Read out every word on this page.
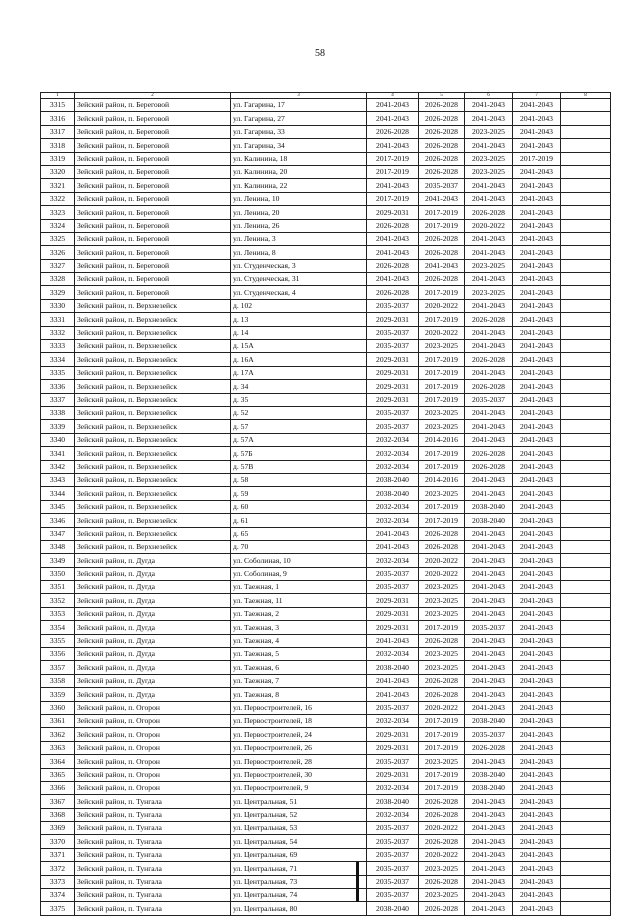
58
1	2	3	4	5	6	7	8
3315	Зейский район, п. Береговой	ул. Гагарина, 17	2041-2043	2026-2028	2041-2043	2041-2043	
3316	Зейский район, п. Береговой	ул. Гагарина, 27	2041-2043	2026-2028	2041-2043	2041-2043	
3317	Зейский район, п. Береговой	ул. Гагарина, 33	2026-2028	2026-2028	2023-2025	2041-2043	
3318	Зейский район, п. Береговой	ул. Гагарина, 34	2041-2043	2026-2028	2041-2043	2041-2043	
3319	Зейский район, п. Береговой	ул. Калинина, 18	2017-2019	2026-2028	2023-2025	2017-2019	
3320	Зейский район, п. Береговой	ул. Калинина, 20	2017-2019	2026-2028	2023-2025	2041-2043	
3321	Зейский район, п. Береговой	ул. Калинина, 22	2041-2043	2035-2037	2041-2043	2041-2043	
3322	Зейский район, п. Береговой	ул. Ленина, 10	2017-2019	2041-2043	2041-2043	2041-2043	
3323	Зейский район, п. Береговой	ул. Ленина, 20	2029-2031	2017-2019	2026-2028	2041-2043	
3324	Зейский район, п. Береговой	ул. Ленина, 26	2026-2028	2017-2019	2020-2022	2041-2043	
3325	Зейский район, п. Береговой	ул. Ленина, 3	2041-2043	2026-2028	2041-2043	2041-2043	
3326	Зейский район, п. Береговой	ул. Ленина, 8	2041-2043	2026-2028	2041-2043	2041-2043	
3327	Зейский район, п. Береговой	ул. Студенческая, 3	2026-2028	2041-2043	2023-2025	2041-2043	
3328	Зейский район, п. Береговой	ул. Студенческая, 31	2041-2043	2026-2028	2041-2043	2041-2043	
3329	Зейский район, п. Береговой	ул. Студенческая, 4	2026-2028	2017-2019	2023-2025	2041-2043	
3330	Зейский район, п. Верхнезейск	д. 102	2035-2037	2020-2022	2041-2043	2041-2043	
3331	Зейский район, п. Верхнезейск	д. 13	2029-2031	2017-2019	2026-2028	2041-2043	
3332	Зейский район, п. Верхнезейск	д. 14	2035-2037	2020-2022	2041-2043	2041-2043	
3333	Зейский район, п. Верхнезейск	д. 15А	2035-2037	2023-2025	2041-2043	2041-2043	
3334	Зейский район, п. Верхнезейск	д. 16А	2029-2031	2017-2019	2026-2028	2041-2043	
3335	Зейский район, п. Верхнезейск	д. 17А	2029-2031	2017-2019	2041-2043	2041-2043	
3336	Зейский район, п. Верхнезейск	д. 34	2029-2031	2017-2019	2026-2028	2041-2043	
3337	Зейский район, п. Верхнезейск	д. 35	2029-2031	2017-2019	2035-2037	2041-2043	
3338	Зейский район, п. Верхнезейск	д. 52	2035-2037	2023-2025	2041-2043	2041-2043	
3339	Зейский район, п. Верхнезейск	д. 57	2035-2037	2023-2025	2041-2043	2041-2043	
3340	Зейский район, п. Верхнезейск	д. 57А	2032-2034	2014-2016	2041-2043	2041-2043	
3341	Зейский район, п. Верхнезейск	д. 57Б	2032-2034	2017-2019	2026-2028	2041-2043	
3342	Зейский район, п. Верхнезейск	д. 57В	2032-2034	2017-2019	2026-2028	2041-2043	
3343	Зейский район, п. Верхнезейск	д. 58	2038-2040	2014-2016	2041-2043	2041-2043	
3344	Зейский район, п. Верхнезейск	д. 59	2038-2040	2023-2025	2041-2043	2041-2043	
3345	Зейский район, п. Верхнезейск	д. 60	2032-2034	2017-2019	2038-2040	2041-2043	
3346	Зейский район, п. Верхнезейск	д. 61	2032-2034	2017-2019	2038-2040	2041-2043	
3347	Зейский район, п. Верхнезейск	д. 65	2041-2043	2026-2028	2041-2043	2041-2043	
3348	Зейский район, п. Верхнезейск	д. 70	2041-2043	2026-2028	2041-2043	2041-2043	
3349	Зейский район, п. Дугда	ул. Соболиная, 10	2032-2034	2020-2022	2041-2043	2041-2043	
3350	Зейский район, п. Дугда	ул. Соболиная, 9	2035-2037	2020-2022	2041-2043	2041-2043	
3351	Зейский район, п. Дугда	ул. Таежная, 1	2035-2037	2023-2025	2041-2043	2041-2043	
3352	Зейский район, п. Дугда	ул. Таежная, 11	2029-2031	2023-2025	2041-2043	2041-2043	
3353	Зейский район, п. Дугда	ул. Таежная, 2	2029-2031	2023-2025	2041-2043	2041-2043	
3354	Зейский район, п. Дугда	ул. Таежная, 3	2029-2031	2017-2019	2035-2037	2041-2043	
3355	Зейский район, п. Дугда	ул. Таежная, 4	2041-2043	2026-2028	2041-2043	2041-2043	
3356	Зейский район, п. Дугда	ул. Таежная, 5	2032-2034	2023-2025	2041-2043	2041-2043	
3357	Зейский район, п. Дугда	ул. Таежная, 6	2038-2040	2023-2025	2041-2043	2041-2043	
3358	Зейский район, п. Дугда	ул. Таежная, 7	2041-2043	2026-2028	2041-2043	2041-2043	
3359	Зейский район, п. Дугда	ул. Таежная, 8	2041-2043	2026-2028	2041-2043	2041-2043	
3360	Зейский район, п. Огорон	ул. Первостроителей, 16	2035-2037	2020-2022	2041-2043	2041-2043	
3361	Зейский район, п. Огорон	ул. Первостроителей, 18	2032-2034	2017-2019	2038-2040	2041-2043	
3362	Зейский район, п. Огорон	ул. Первостроителей, 24	2029-2031	2017-2019	2035-2037	2041-2043	
3363	Зейский район, п. Огорон	ул. Первостроителей, 26	2029-2031	2017-2019	2026-2028	2041-2043	
3364	Зейский район, п. Огорон	ул. Первостроителей, 28	2035-2037	2023-2025	2041-2043	2041-2043	
3365	Зейский район, п. Огорон	ул. Первостроителей, 30	2029-2031	2017-2019	2038-2040	2041-2043	
3366	Зейский район, п. Огорон	ул. Первостроителей, 9	2032-2034	2017-2019	2038-2040	2041-2043	
3367	Зейский район, п. Тунгала	ул. Центральная, 51	2038-2040	2026-2028	2041-2043	2041-2043	
3368	Зейский район, п. Тунгала	ул. Центральная, 52	2032-2034	2026-2028	2041-2043	2041-2043	
3369	Зейский район, п. Тунгала	ул. Центральная, 53	2035-2037	2020-2022	2041-2043	2041-2043	
3370	Зейский район, п. Тунгала	ул. Центральная, 54	2035-2037	2026-2028	2041-2043	2041-2043	
3371	Зейский район, п. Тунгала	ул. Центральная, 69	2035-2037	2020-2022	2041-2043	2041-2043	
3372	Зейский район, п. Тунгала	ул. Центральная, 71	2035-2037	2023-2025	2041-2043	2041-2043	
3373	Зейский район, п. Тунгала	ул. Центральная, 73	2035-2037	2026-2028	2041-2043	2041-2043	
3374	Зейский район, п. Тунгала	ул. Центральная, 74	2035-2037	2023-2025	2041-2043	2041-2043	
3375	Зейский район, п. Тунгала	ул. Центральная, 80	2038-2040	2026-2028	2041-2043	2041-2043	
